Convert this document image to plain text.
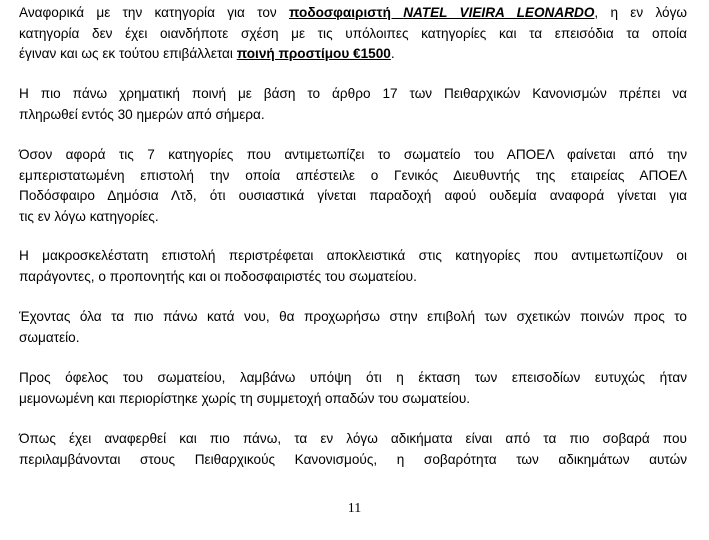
Αναφορικά με την κατηγορία για τον ποδοσφαιριστή NATEL VIEIRA LEONARDO, η εν λόγω
κατηγορία δεν έχει οιανδήποτε σχέση με τις υπόλοιπες κατηγορίες και τα επεισόδια τα οποία
έγιναν και ως εκ τούτου επιβάλλεται ποινή προστίμου €1500.
Η πιο πάνω χρηματική ποινή με βάση το άρθρο 17 των Πειθαρχικών Κανονισμών πρέπει να
πληρωθεί εντός 30 ημερών από σήμερα.
Όσον αφορά τις 7 κατηγορίες που αντιμετωπίζει το σωματείο του ΑΠΟΕΛ φαίνεται από την
εμπεριστατωμένη επιστολή την οποία απέστειλε ο Γενικός Διευθυντής της εταιρείας ΑΠΟΕΛ
Ποδόσφαιρο Δημόσια Λτδ, ότι ουσιαστικά γίνεται παραδοχή αφού ουδεμία αναφορά γίνεται για
τις εν λόγω κατηγορίες.
Η μακροσκελέστατη επιστολή περιστρέφεται αποκλειστικά στις κατηγορίες που αντιμετωπίζουν οι
παράγοντες, ο προπονητής και οι ποδοσφαιριστές του σωματείου.
Έχοντας όλα τα πιο πάνω κατά νου, θα προχωρήσω στην επιβολή των σχετικών ποινών προς το
σωματείο.
Προς όφελος του σωματείου, λαμβάνω υπόψη ότι η έκταση των επεισοδίων ευτυχώς ήταν
μεμονωμένη και περιορίστηκε χωρίς τη συμμετοχή οπαδών του σωματείου.
Όπως έχει αναφερθεί και πιο πάνω, τα εν λόγω αδικήματα είναι από τα πιο σοβαρά που
περιλαμβάνονται στους Πειθαρχικούς Κανονισμούς, η σοβαρότητα των αδικημάτων αυτών
11
